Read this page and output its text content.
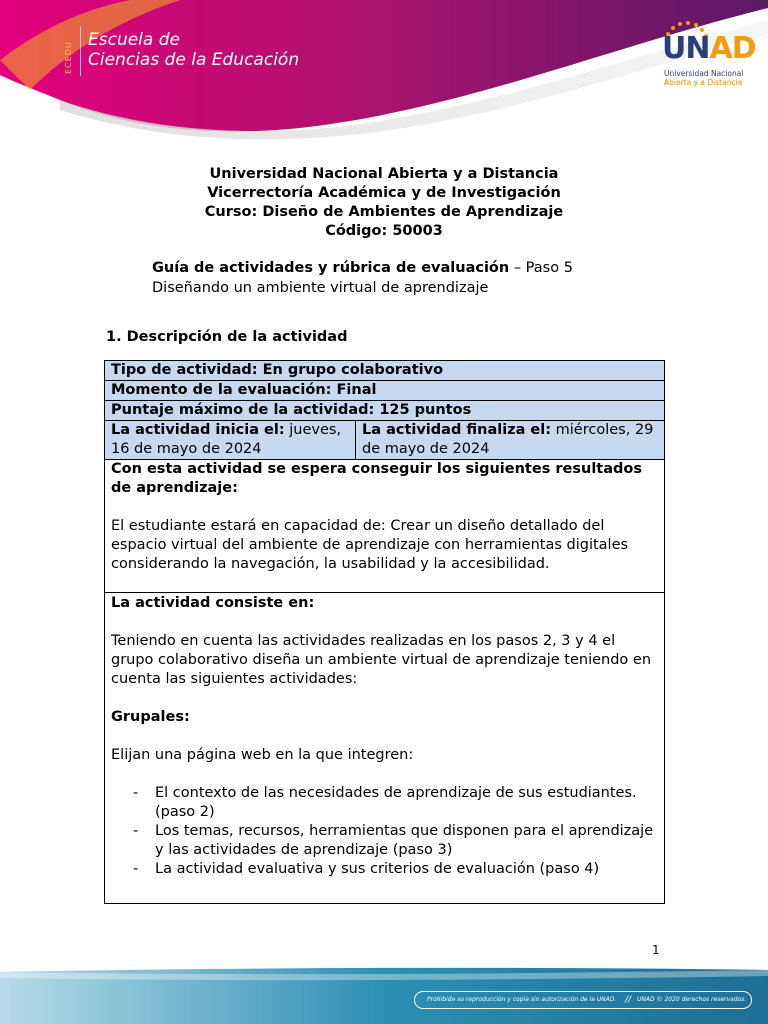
ECEDU
Escuela de
Ciencias de la Educación	UNAD
Universidad Nacional
Abierta y a Distancia
Universidad Nacional Abierta y a Distancia
Vicerrectoría Académica y de Investigación
Curso: Diseño de Ambientes de Aprendizaje
Código: 50003
Guía de actividades y rúbrica de evaluación – Paso 5
Diseñando un ambiente virtual de aprendizaje
1. Descripción de la actividad
Tipo de actividad: En grupo colaborativo
Momento de la evaluación: Final
Puntaje máximo de la actividad: 125 puntos
La actividad inicia el: jueves, 16 de mayo de 2024	La actividad finaliza el: miércoles, 29 de mayo de 2024

Con esta actividad se espera conseguir los siguientes resultados de aprendizaje:

El estudiante estará en capacidad de: Crear un diseño detallado del espacio virtual del ambiente de aprendizaje con herramientas digitales considerando la navegación, la usabilidad y la accesibilidad.

La actividad consiste en:

Teniendo en cuenta las actividades realizadas en los pasos 2, 3 y 4 el grupo colaborativo diseña un ambiente virtual de aprendizaje teniendo en cuenta las siguientes actividades:

Grupales:

Elijan una página web en la que integren:

- El contexto de las necesidades de aprendizaje de sus estudiantes. (paso 2)
- Los temas, recursos, herramientas que disponen para el aprendizaje y las actividades de aprendizaje (paso 3)
- La actividad evaluativa y sus criterios de evaluación (paso 4)
1
Prohibida su reproducción y copia sin autorización de la UNAD. // UNAD © 2020 derechos reservados.
